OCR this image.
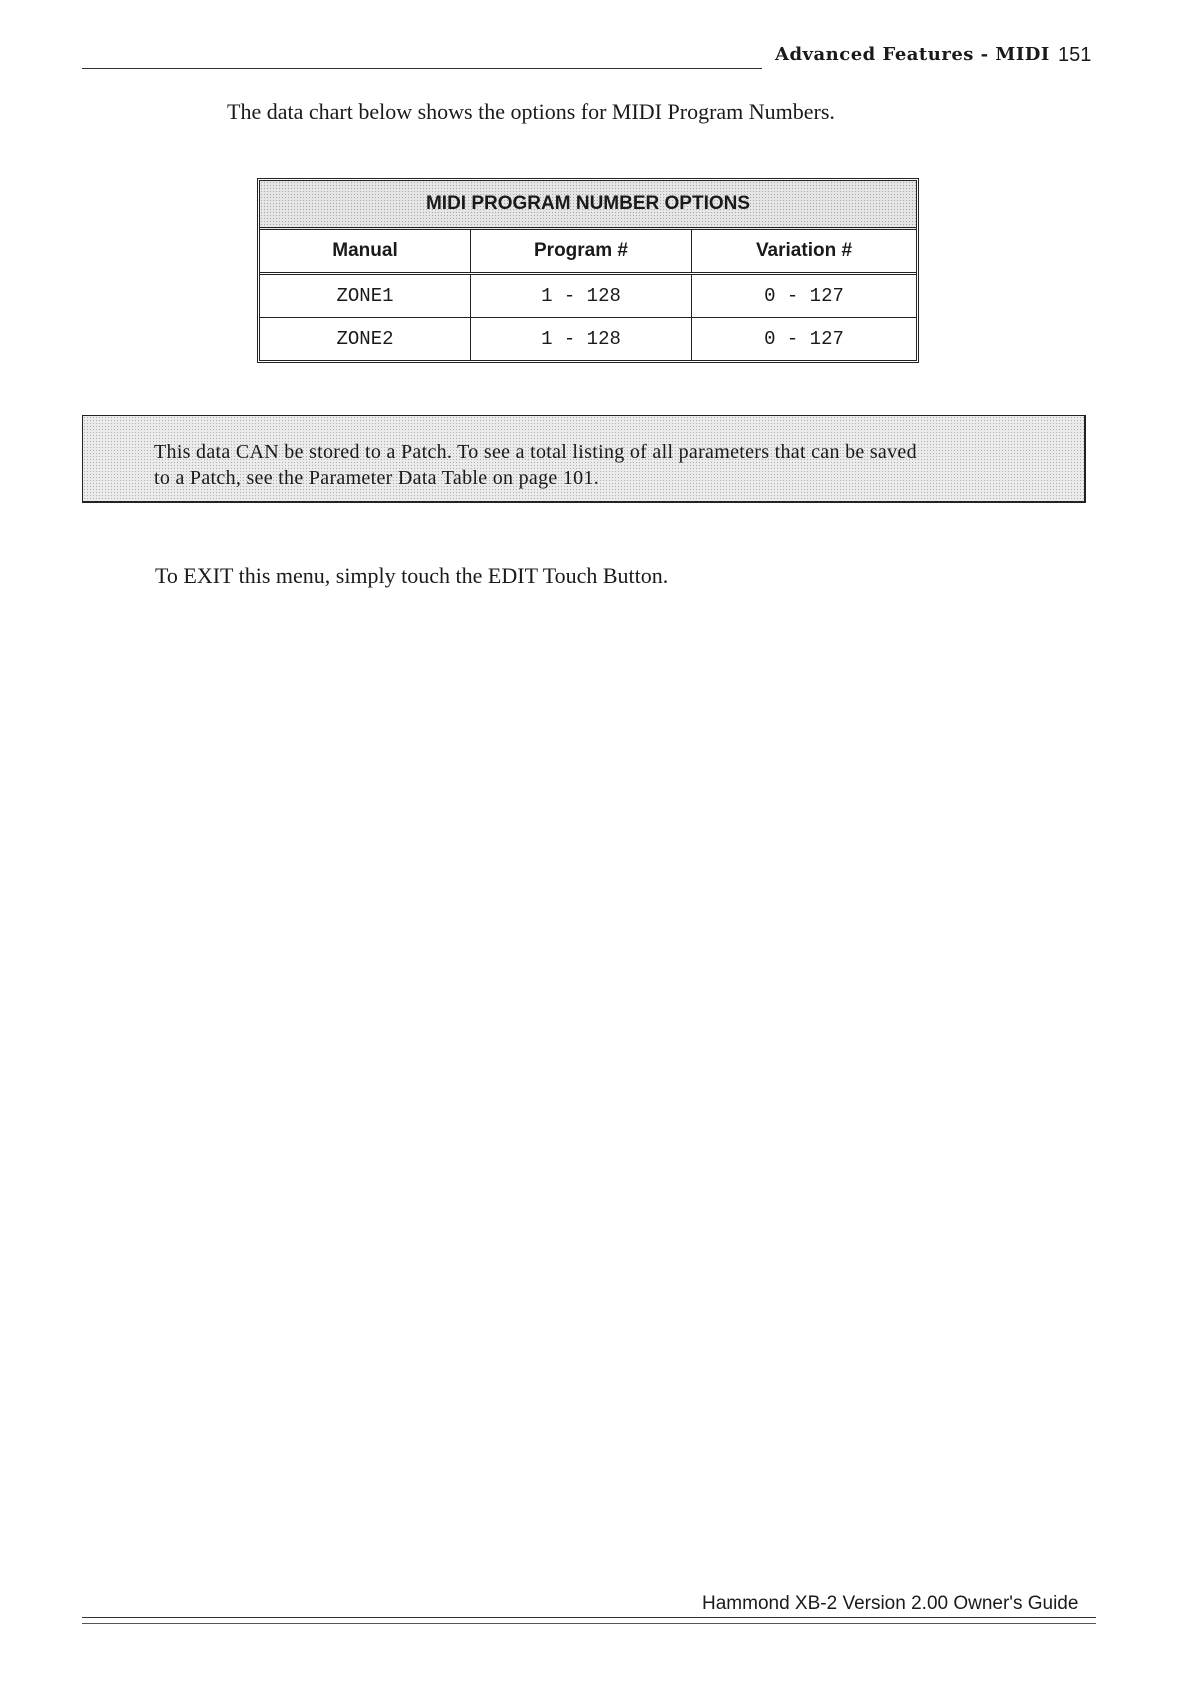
Advanced Features - MIDI 151
The data chart below shows the options for MIDI Program Numbers.
MIDI PROGRAM NUMBER OPTIONS
Manual	Program #	Variation #
ZONE1	1 - 128	0 - 127
ZONE2	1 - 128	0 - 127
This data CAN be stored to a Patch. To see a total listing of all parameters that can be saved
to a Patch, see the Parameter Data Table on page 101.
To EXIT this menu, simply touch the EDIT Touch Button.
Hammond XB-2 Version 2.00 Owner's Guide
